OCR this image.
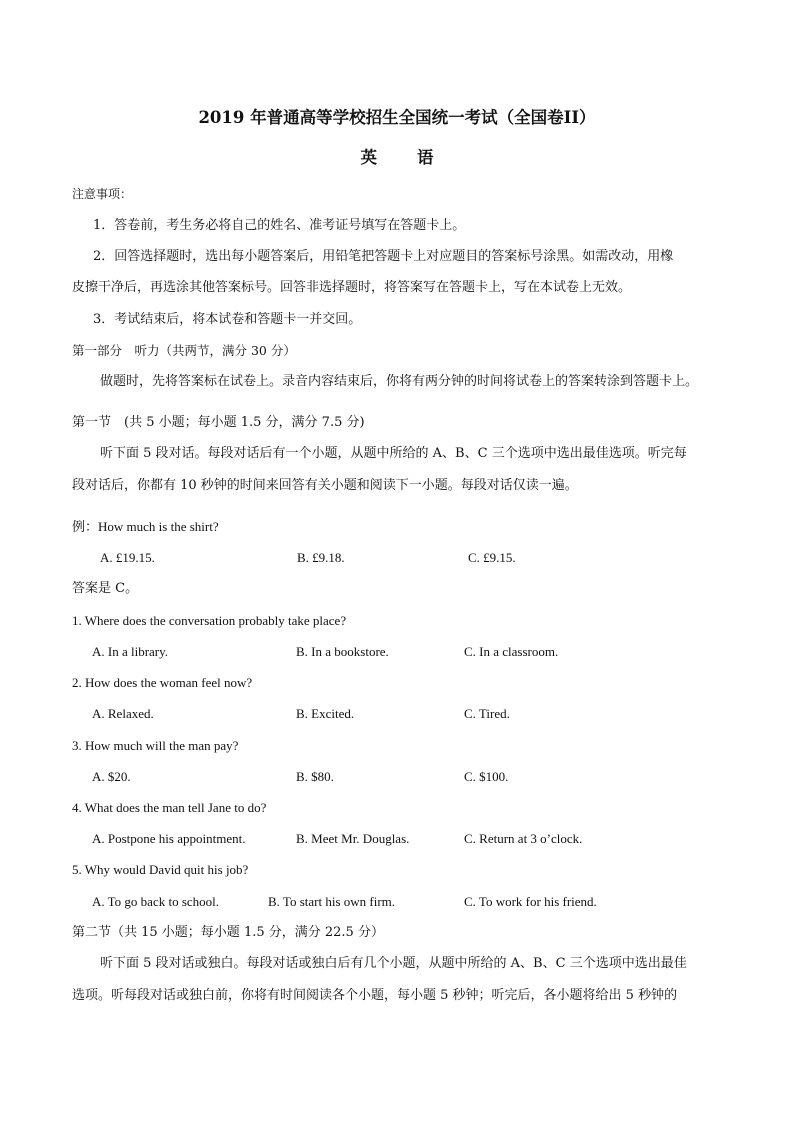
2019 年普通高等学校招生全国统一考试（全国卷II）
英语
注意事项：
1．答卷前，考生务必将自己的姓名、准考证号填写在答题卡上。
2．回答选择题时，选出每小题答案后，用铅笔把答题卡上对应题目的答案标号涂黑。如需改动，用橡
皮擦干净后，再选涂其他答案标号。回答非选择题时，将答案写在答题卡上，写在本试卷上无效。
3．考试结束后，将本试卷和答题卡一并交回。
第一部分　听力（共两节，满分 30 分）
做题时，先将答案标在试卷上。录音内容结束后，你将有两分钟的时间将试卷上的答案转涂到答题卡上。
第一节　(共 5 小题；每小题 1.5 分，满分 7.5 分)
听下面 5 段对话。每段对话后有一个小题，从题中所给的 A、B、C 三个选项中选出最佳选项。听完每
段对话后，你都有 10 秒钟的时间来回答有关小题和阅读下一小题。每段对话仅读一遍。
例：How much is the shirt?
A. £19.15.	B. £9.18.	C. £9.15.
答案是 C。
1. Where does the conversation probably take place?
A. In a library.	B. In a bookstore.	C. In a classroom.
2. How does the woman feel now?
A. Relaxed.	B. Excited.	C. Tired.
3. How much will the man pay?
A. $20.	B. $80.	C. $100.
4. What does the man tell Jane to do?
A. Postpone his appointment.	B. Meet Mr. Douglas.	C. Return at 3 o’clock.
5. Why would David quit his job?
A. To go back to school.	B. To start his own firm.	C. To work for his friend.
第二节（共 15 小题；每小题 1.5 分，满分 22.5 分）
听下面 5 段对话或独白。每段对话或独白后有几个小题，从题中所给的 A、B、C 三个选项中选出最佳
选项。听每段对话或独白前，你将有时间阅读各个小题，每小题 5 秒钟；听完后，各小题将给出 5 秒钟的
